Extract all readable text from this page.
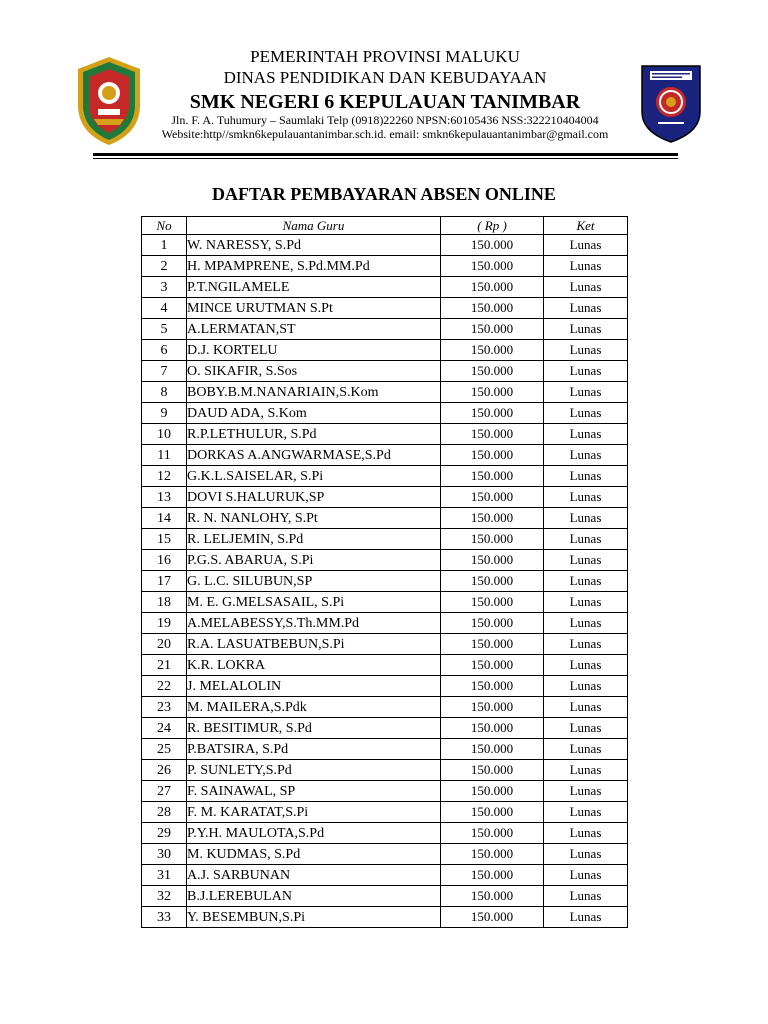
PEMERINTAH PROVINSI MALUKU
DINAS PENDIDIKAN DAN KEBUDAYAAN
SMK NEGERI 6 KEPULAUAN TANIMBAR
Jln. F. A. Tuhumury – Saumlaki Telp (0918)22260 NPSN:60105436 NSS:322210404004
Website:http//smkn6kepulauantanimbar.sch.id. email: smkn6kepulauantanimbar@gmail.com
DAFTAR PEMBAYARAN ABSEN ONLINE
No	Nama Guru	( Rp )	Ket
1	W. NARESSY, S.Pd	150.000	Lunas
2	H. MPAMPRENE, S.Pd.MM.Pd	150.000	Lunas
3	P.T.NGILAMELE	150.000	Lunas
4	MINCE URUTMAN S.Pt	150.000	Lunas
5	A.LERMATAN,ST	150.000	Lunas
6	D.J. KORTELU	150.000	Lunas
7	O. SIKAFIR, S.Sos	150.000	Lunas
8	BOBY.B.M.NANARIAIN,S.Kom	150.000	Lunas
9	DAUD ADA, S.Kom	150.000	Lunas
10	R.P.LETHULUR, S.Pd	150.000	Lunas
11	DORKAS A.ANGWARMASE,S.Pd	150.000	Lunas
12	G.K.L.SAISELAR, S.Pi	150.000	Lunas
13	DOVI S.HALURUK,SP	150.000	Lunas
14	R. N. NANLOHY, S.Pt	150.000	Lunas
15	R. LELJEMIN, S.Pd	150.000	Lunas
16	P.G.S. ABARUA, S.Pi	150.000	Lunas
17	G. L.C. SILUBUN,SP	150.000	Lunas
18	M. E. G.MELSASAIL, S.Pi	150.000	Lunas
19	A.MELABESSY,S.Th.MM.Pd	150.000	Lunas
20	R.A. LASUATBEBUN,S.Pi	150.000	Lunas
21	K.R. LOKRA	150.000	Lunas
22	J. MELALOLIN	150.000	Lunas
23	M. MAILERA,S.Pdk	150.000	Lunas
24	R. BESITIMUR, S.Pd	150.000	Lunas
25	P.BATSIRA, S.Pd	150.000	Lunas
26	P. SUNLETY,S.Pd	150.000	Lunas
27	F. SAINAWAL, SP	150.000	Lunas
28	F. M. KARATAT,S.Pi	150.000	Lunas
29	P.Y.H. MAULOTA,S.Pd	150.000	Lunas
30	M. KUDMAS, S.Pd	150.000	Lunas
31	A.J. SARBUNAN	150.000	Lunas
32	B.J.LEREBULAN	150.000	Lunas
33	Y. BESEMBUN,S.Pi	150.000	Lunas
